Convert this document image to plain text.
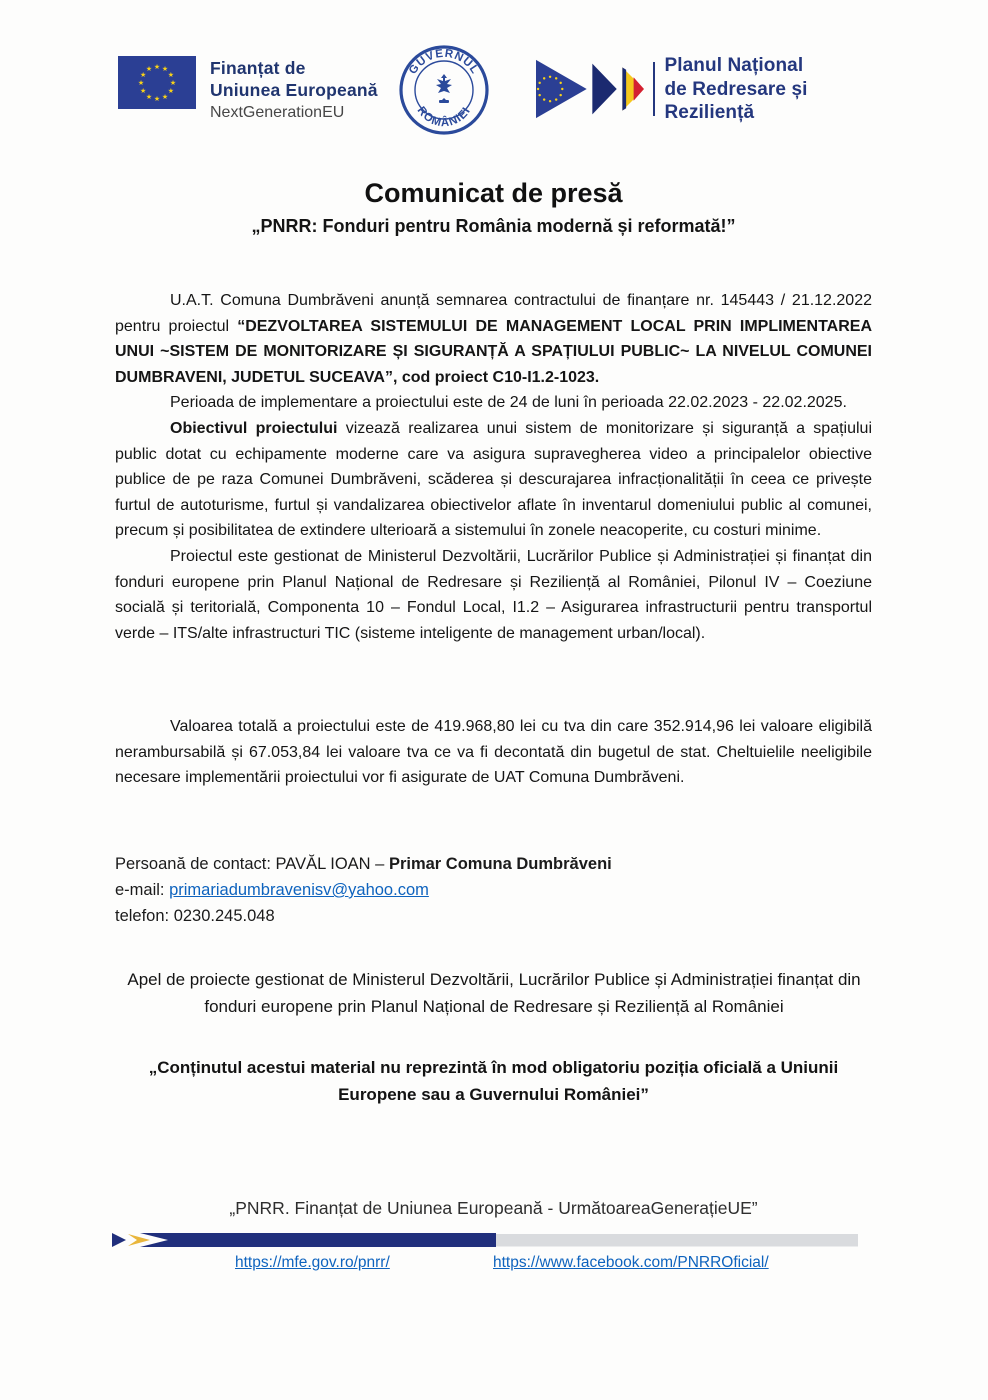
★
★
★
★
★
★
★
★
★ ★ ★
★ Finanțat de
Uniunea Europeană
NextGenerationEU
GUVERNUL
ROMÂNIEI
Planul Național
de Redresare și Reziliență
Comunicat de presă
„PNRR: Fonduri pentru România modernă și reformată!”

U.A.T. Comuna Dumbrăveni anunță semnarea contractului de finanțare nr. 145443 / 21.12.2022 pentru proiectul “DEZVOLTAREA SISTEMULUI DE MANAGEMENT LOCAL PRIN IMPLIMENTAREA UNUI ~SISTEM DE MONITORIZARE ȘI SIGURANȚĂ A SPAȚIULUI PUBLIC~ LA NIVELUL COMUNEI DUMBRAVENI, JUDETUL SUCEAVA”, cod proiect C10-I1.2-1023.

Perioada de implementare a proiectului este de 24 de luni în perioada 22.02.2023 - 22.02.2025.

Obiectivul proiectului vizează realizarea unui sistem de monitorizare și siguranță a spațiului public dotat cu echipamente moderne care va asigura supravegherea video a principalelor obiective publice de pe raza Comunei Dumbrăveni, scăderea și descurajarea infracționalității în ceea ce privește furtul de autoturisme, furtul și vandalizarea obiectivelor aflate în inventarul domeniului public al comunei, precum și posibilitatea de extindere ulterioară a sistemului în zonele neacoperite, cu costuri minime.

Proiectul este gestionat de Ministerul Dezvoltării, Lucrărilor Publice și Administrației și finanțat din fonduri europene prin Planul Național de Redresare și Reziliență al României, Pilonul IV – Coeziune socială și teritorială, Componenta 10 – Fondul Local, I1.2 – Asigurarea infrastructurii pentru transportul verde – ITS/alte infrastructuri TIC (sisteme inteligente de management urban/local).

Valoarea totală a proiectului este de 419.968,80 lei cu tva din care 352.914,96 lei valoare eligibilă nerambursabilă și 67.053,84 lei valoare tva ce va fi decontată din bugetul de stat. Cheltuielile neeligibile necesare implementării proiectului vor fi asigurate de UAT Comuna Dumbrăveni.

Persoană de contact: PAVĂL IOAN – Primar Comuna Dumbrăveni
e-mail: primariadumbravenisv@yahoo.com
telefon: 0230.245.048
Apel de proiecte gestionat de Ministerul Dezvoltării, Lucrărilor Publice și Administrației finanțat din fonduri europene prin Planul Național de Redresare și Reziliență al României
„Conținutul acestui material nu reprezintă în mod obligatoriu poziția oficială a Uniunii Europene sau a Guvernului României”
„PNRR. Finanțat de Uniunea Europeană - UrmătoareaGenerațieUE”
https://mfe.gov.ro/pnrr/	https://www.facebook.com/PNRROficial/
